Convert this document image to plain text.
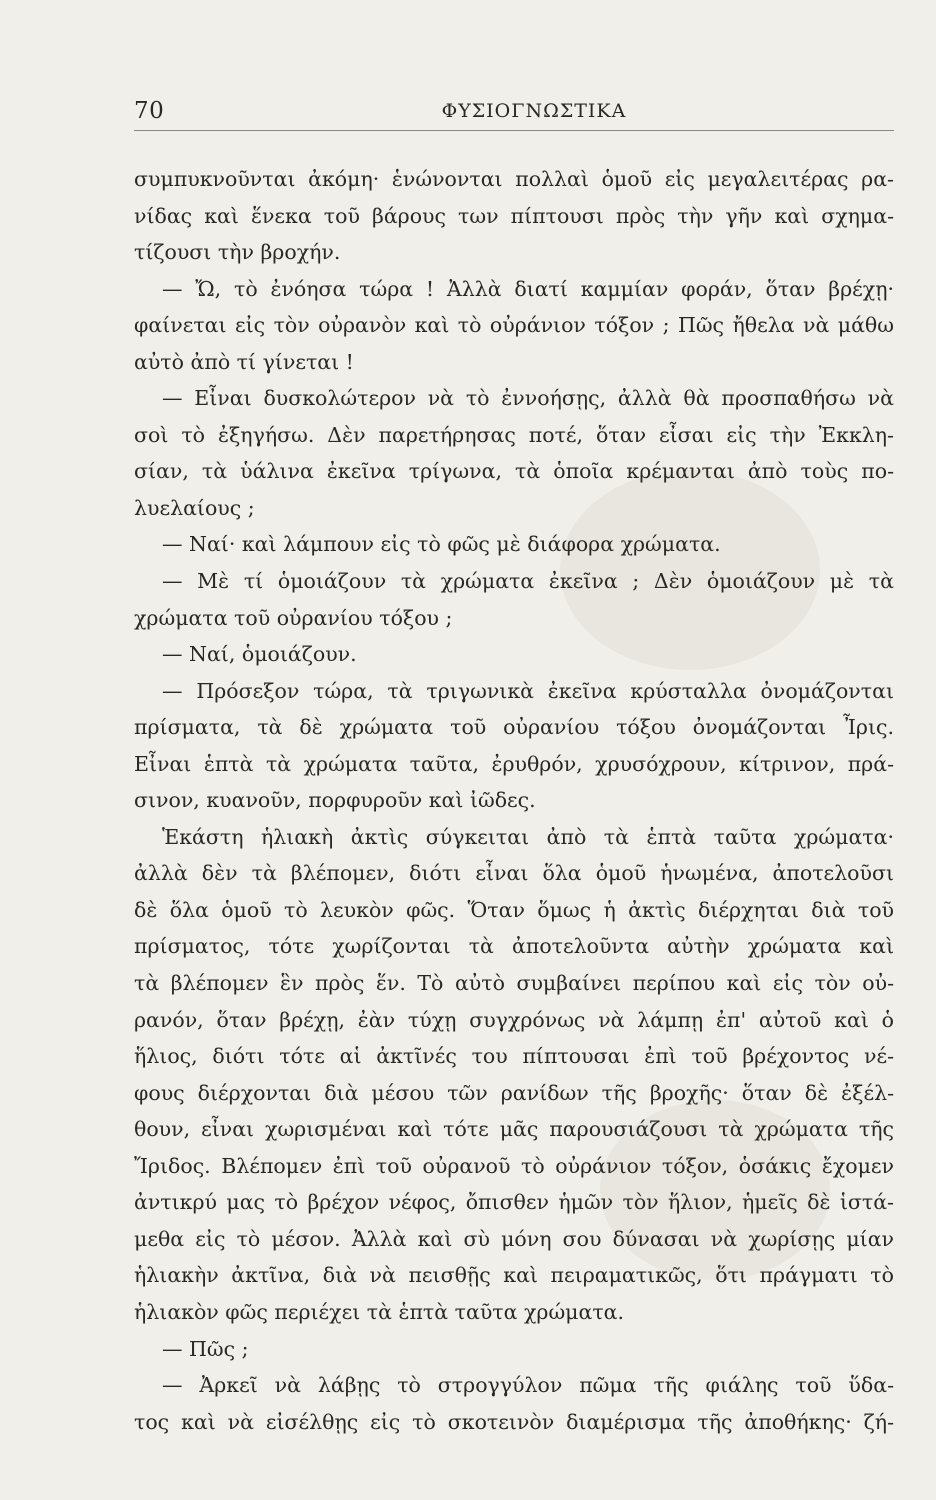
70	ΦΥΣΙΟΓΝΩΣΤΙΚΑ
συμπυκνοῦνται ἀκόμη· ἑνώνονται πολλαὶ ὁμοῦ εἰς μεγαλειτέρας ρα-
νίδας καὶ ἕνεκα τοῦ βάρους των πίπτουσι πρὸς τὴν γῆν καὶ σχημα-
τίζουσι τὴν βροχήν.
— Ὤ, τὸ ἐνόησα τώρα ! Ἀλλὰ διατί καμμίαν φοράν, ὅταν βρέχῃ·
φαίνεται εἰς τὸν οὐρανὸν καὶ τὸ οὐράνιον τόξον ; Πῶς ἤθελα νὰ μάθω
αὐτὸ ἀπὸ τί γίνεται !
— Εἶναι δυσκολώτερον νὰ τὸ ἐννοήσῃς, ἀλλὰ θὰ προσπαθήσω νὰ
σοὶ τὸ ἐξηγήσω. Δὲν παρετήρησας ποτέ, ὅταν εἶσαι εἰς τὴν Ἐκκλη-
σίαν, τὰ ὑάλινα ἐκεῖνα τρίγωνα, τὰ ὁποῖα κρέμανται ἀπὸ τοὺς πο-
λυελαίους ;
— Ναί· καὶ λάμπουν εἰς τὸ φῶς μὲ διάφορα χρώματα.
— Μὲ τί ὁμοιάζουν τὰ χρώματα ἐκεῖνα ; Δὲν ὁμοιάζουν μὲ τὰ
χρώματα τοῦ οὐρανίου τόξου ;
— Ναί, ὁμοιάζουν.
— Πρόσεξον τώρα, τὰ τριγωνικὰ ἐκεῖνα κρύσταλλα ὀνομάζονται
πρίσματα, τὰ δὲ χρώματα τοῦ οὐρανίου τόξου ὀνομάζονται Ἶρις.
Εἶναι ἑπτὰ τὰ χρώματα ταῦτα, ἐρυθρόν, χρυσόχρουν, κίτρινον, πρά-
σινον, κυανοῦν, πορφυροῦν καὶ ἰῶδες.
Ἑκάστη ἡλιακὴ ἀκτὶς σύγκειται ἀπὸ τὰ ἑπτὰ ταῦτα χρώματα·
ἀλλὰ δὲν τὰ βλέπομεν, διότι εἶναι ὅλα ὁμοῦ ἡνωμένα, ἀποτελοῦσι
δὲ ὅλα ὁμοῦ τὸ λευκὸν φῶς. Ὅταν ὅμως ἡ ἀκτὶς διέρχηται διὰ τοῦ
πρίσματος, τότε χωρίζονται τὰ ἀποτελοῦντα αὐτὴν χρώματα καὶ
τὰ βλέπομεν ἓν πρὸς ἕν. Τὸ αὐτὸ συμβαίνει περίπου καὶ εἰς τὸν οὐ-
ρανόν, ὅταν βρέχῃ, ἐὰν τύχῃ συγχρόνως νὰ λάμπῃ ἐπ' αὐτοῦ καὶ ὁ
ἥλιος, διότι τότε αἱ ἀκτῖνές του πίπτουσαι ἐπὶ τοῦ βρέχοντος νέ-
φους διέρχονται διὰ μέσου τῶν ρανίδων τῆς βροχῆς· ὅταν δὲ ἐξέλ-
θουν, εἶναι χωρισμέναι καὶ τότε μᾶς παρουσιάζουσι τὰ χρώματα τῆς
Ἴριδος. Βλέπομεν ἐπὶ τοῦ οὐρανοῦ τὸ οὐράνιον τόξον, ὁσάκις ἔχομεν
ἀντικρύ μας τὸ βρέχον νέφος, ὄπισθεν ἡμῶν τὸν ἥλιον, ἡμεῖς δὲ ἱστά-
μεθα εἰς τὸ μέσον. Ἀλλὰ καὶ σὺ μόνη σου δύνασαι νὰ χωρίσῃς μίαν
ἡλιακὴν ἀκτῖνα, διὰ νὰ πεισθῇς καὶ πειραματικῶς, ὅτι πράγματι τὸ
ἡλιακὸν φῶς περιέχει τὰ ἑπτὰ ταῦτα χρώματα.
— Πῶς ;
— Ἀρκεῖ νὰ λάβῃς τὸ στρογγύλον πῶμα τῆς φιάλης τοῦ ὕδα-
τος καὶ νὰ εἰσέλθῃς εἰς τὸ σκοτεινὸν διαμέρισμα τῆς ἀποθήκης· ζή-
